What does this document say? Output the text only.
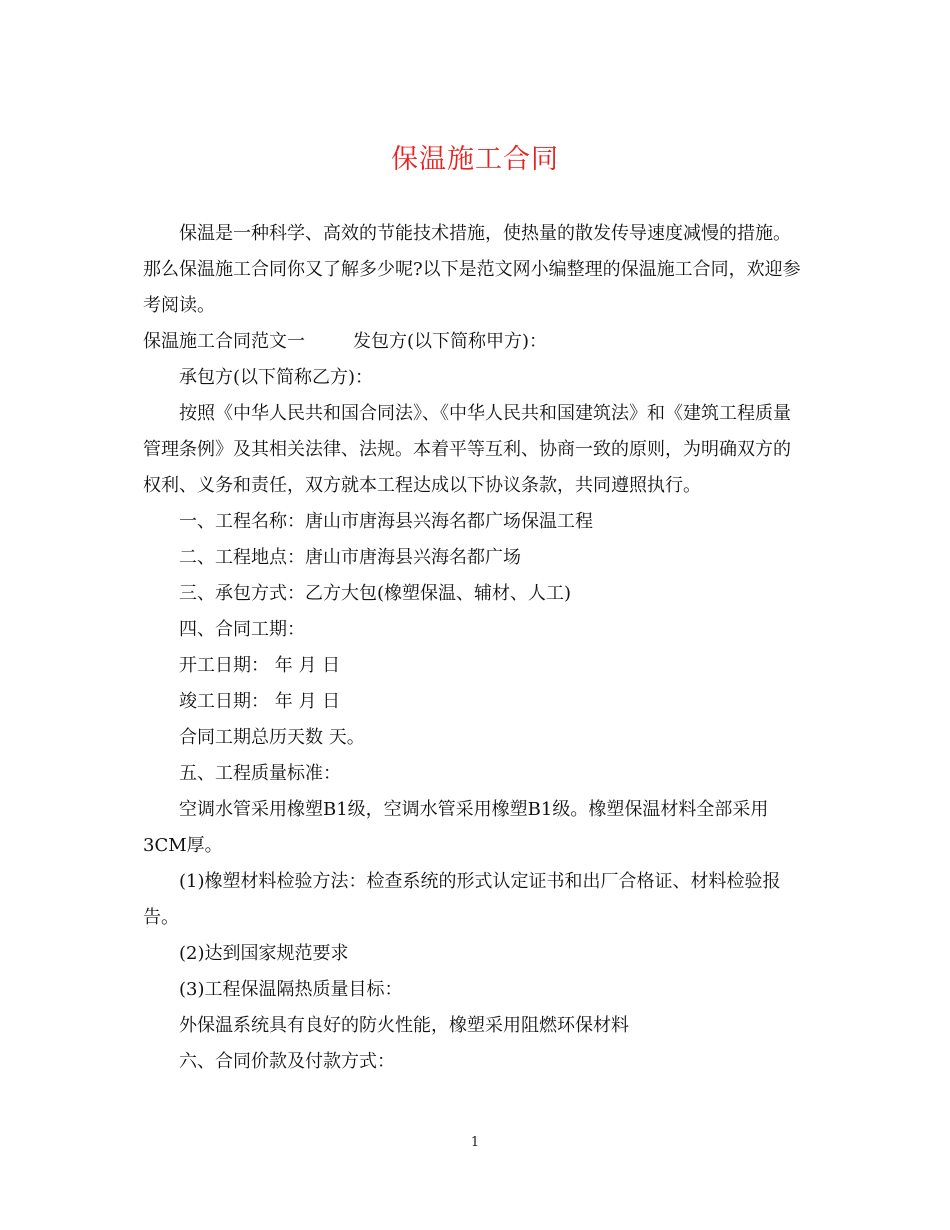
保温施工合同

保温是一种科学、高效的节能技术措施，使热量的散发传导速度减慢的措施。那么保温施工合同你又了解多少呢?以下是范文网小编整理的保温施工合同，欢迎参考阅读。

保温施工合同范文一	发包方(以下简称甲方)：

承包方(以下简称乙方)：

按照《中华人民共和国合同法》、《中华人民共和国建筑法》和《建筑工程质量管理条例》及其相关法律、法规。本着平等互利、协商一致的原则，为明确双方的权利、义务和责任，双方就本工程达成以下协议条款，共同遵照执行。

一、工程名称：唐山市唐海县兴海名都广场保温工程

二、工程地点：唐山市唐海县兴海名都广场

三、承包方式：乙方大包(橡塑保温、辅材、人工)

四、合同工期：

开工日期： 年 月 日

竣工日期： 年 月 日

合同工期总历天数 天。

五、工程质量标准：

空调水管采用橡塑B1级，空调水管采用橡塑B1级。橡塑保温材料全部采用3CM厚。

(1)橡塑材料检验方法：检查系统的形式认定证书和出厂合格证、材料检验报告。

(2)达到国家规范要求

(3)工程保温隔热质量目标：

外保温系统具有良好的防火性能，橡塑采用阻燃环保材料

六、合同价款及付款方式：

1
